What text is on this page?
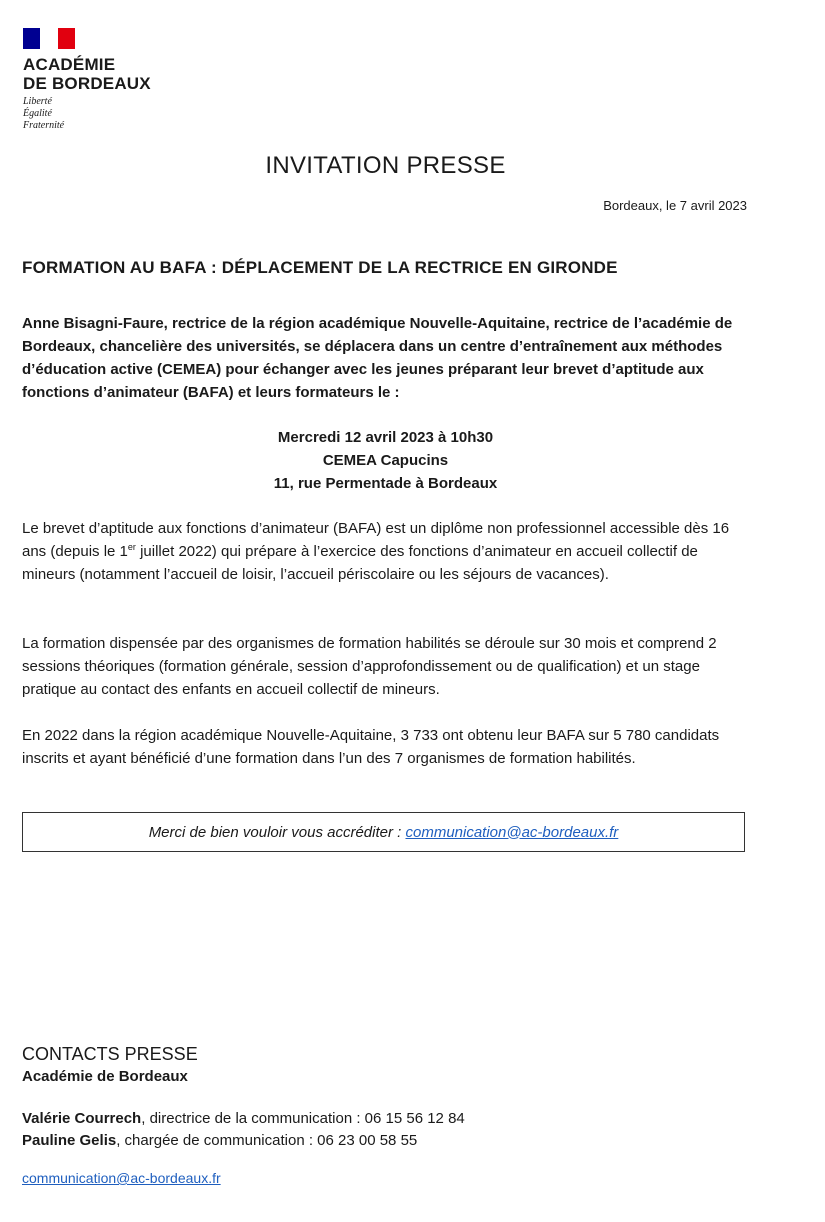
ACADÉMIE
DE BORDEAUX
Liberté
Égalité
Fraternité
INVITATION PRESSE
Bordeaux, le 7 avril 2023
FORMATION AU BAFA : DÉPLACEMENT DE LA RECTRICE EN GIRONDE
Anne Bisagni-Faure, rectrice de la région académique Nouvelle-Aquitaine, rectrice de l’académie de Bordeaux, chancelière des universités, se déplacera dans un centre d’entraînement aux méthodes d’éducation active (CEMEA) pour échanger avec les jeunes préparant leur brevet d’aptitude aux fonctions d’animateur (BAFA) et leurs formateurs le :
Mercredi 12 avril 2023 à 10h30
CEMEA Capucins
11, rue Permentade à Bordeaux
Le brevet d’aptitude aux fonctions d’animateur (BAFA) est un diplôme non professionnel accessible dès 16 ans (depuis le 1er juillet 2022) qui prépare à l’exercice des fonctions d’animateur en accueil collectif de mineurs (notamment l’accueil de loisir, l’accueil périscolaire ou les séjours de vacances).
La formation dispensée par des organismes de formation habilités se déroule sur 30 mois et comprend 2 sessions théoriques (formation générale, session d’approfondissement ou de qualification) et un stage pratique au contact des enfants en accueil collectif de mineurs.
En 2022 dans la région académique Nouvelle-Aquitaine, 3 733 ont obtenu leur BAFA sur 5 780 candidats inscrits et ayant bénéficié d’une formation dans l’un des 7 organismes de formation habilités.
Merci de bien vouloir vous accréditer :
communication@ac-bordeaux.fr
CONTACTS PRESSE
Académie de Bordeaux
Valérie Courrech, directrice de la communication : 06 15 56 12 84
Pauline Gelis, chargée de communication : 06 23 00 58 55
communication@ac-bordeaux.fr
